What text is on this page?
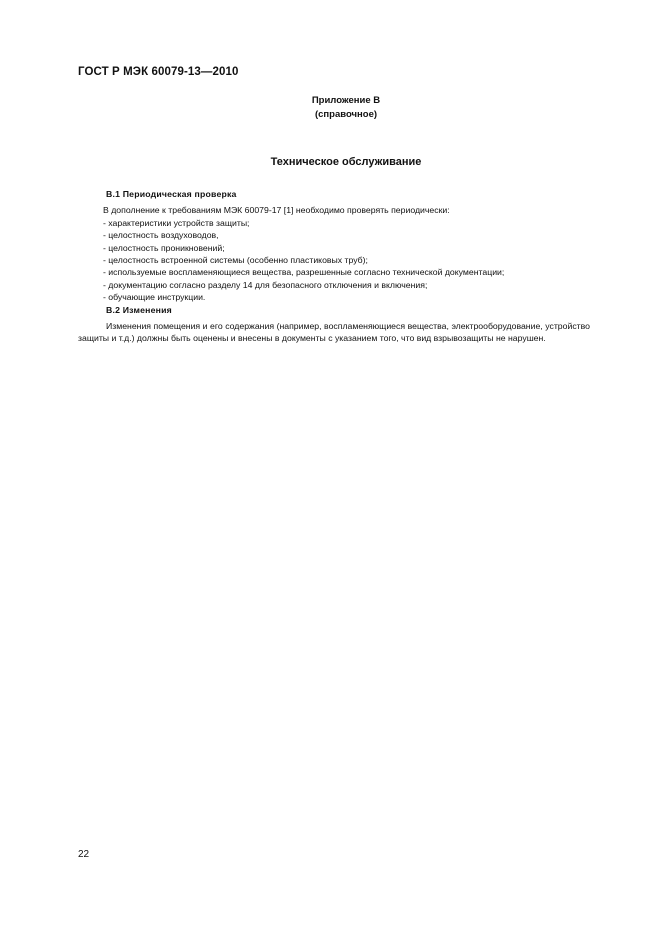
ГОСТ Р МЭК 60079-13—2010
Приложение В
(справочное)
Техническое обслуживание
В.1 Периодическая проверка

В дополнение к требованиям МЭК 60079-17 [1] необходимо проверять периодически:

- характеристики устройств защиты;
- целостность воздуховодов,
- целостность проникновений;
- целостность встроенной системы (особенно пластиковых труб);
- используемые воспламеняющиеся вещества, разрешенные согласно технической документации;
- документацию согласно разделу 14 для безопасного отключения и включения;
- обучающие инструкции.
В.2 Изменения

Изменения помещения и его содержания (например, воспламеняющиеся вещества, электрооборудование, устройство защиты и т.д.) должны быть оценены и внесены в документы с указанием того, что вид взрывозащиты не нарушен.

22
